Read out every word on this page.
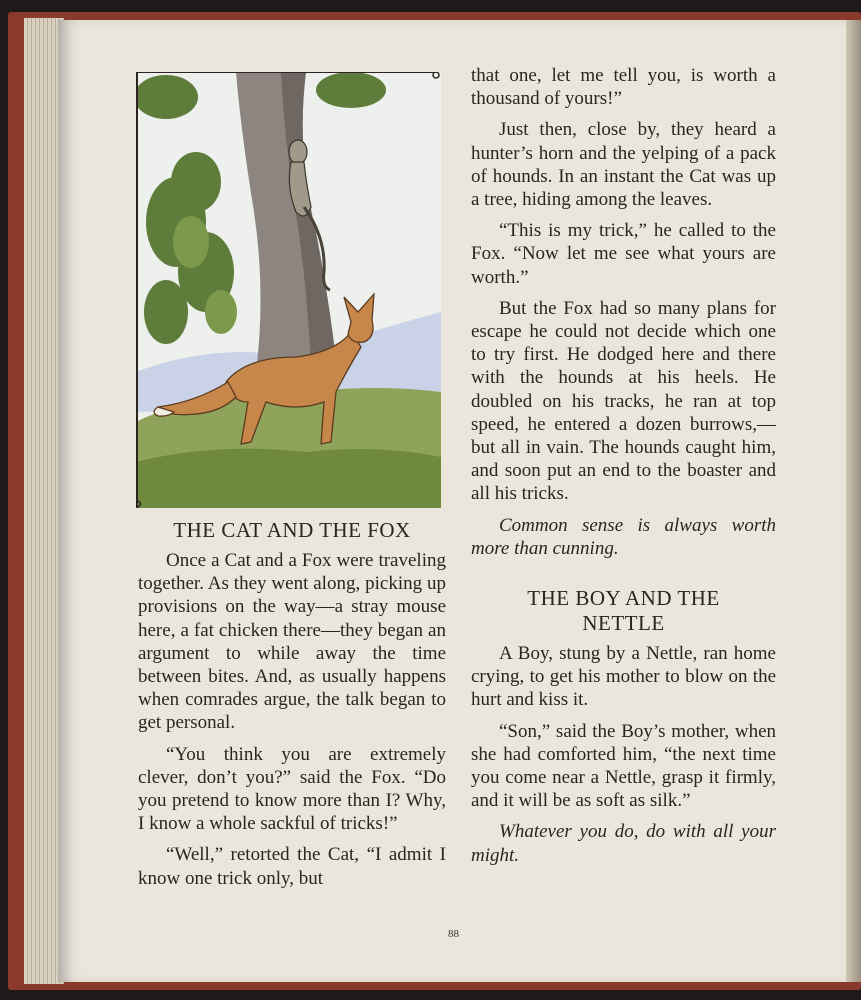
THE CAT AND THE FOX

Once a Cat and a Fox were traveling together. As they went along, picking up provisions on the way—a stray mouse here, a fat chicken there—they began an argument to while away the time between bites. And, as usually happens when comrades argue, the talk began to get personal.

“You think you are extremely clever, don’t you?” said the Fox. “Do you pretend to know more than I? Why, I know a whole sackful of tricks!”

“Well,” retorted the Cat, “I admit I know one trick only, but

that one, let me tell you, is worth a thousand of yours!”

Just then, close by, they heard a hunter’s horn and the yelping of a pack of hounds. In an instant the Cat was up a tree, hiding among the leaves.

“This is my trick,” he called to the Fox. “Now let me see what yours are worth.”

But the Fox had so many plans for escape he could not decide which one to try first. He dodged here and there with the hounds at his heels. He doubled on his tracks, he ran at top speed, he entered a dozen burrows,—but all in vain. The hounds caught him, and soon put an end to the boaster and all his tricks.

Common sense is always worth more than cunning.

THE BOY AND THE NETTLE

A Boy, stung by a Nettle, ran home crying, to get his mother to blow on the hurt and kiss it.

“Son,” said the Boy’s mother, when she had comforted him, “the next time you come near a Nettle, grasp it firmly, and it will be as soft as silk.”

Whatever you do, do with all your might.

88
